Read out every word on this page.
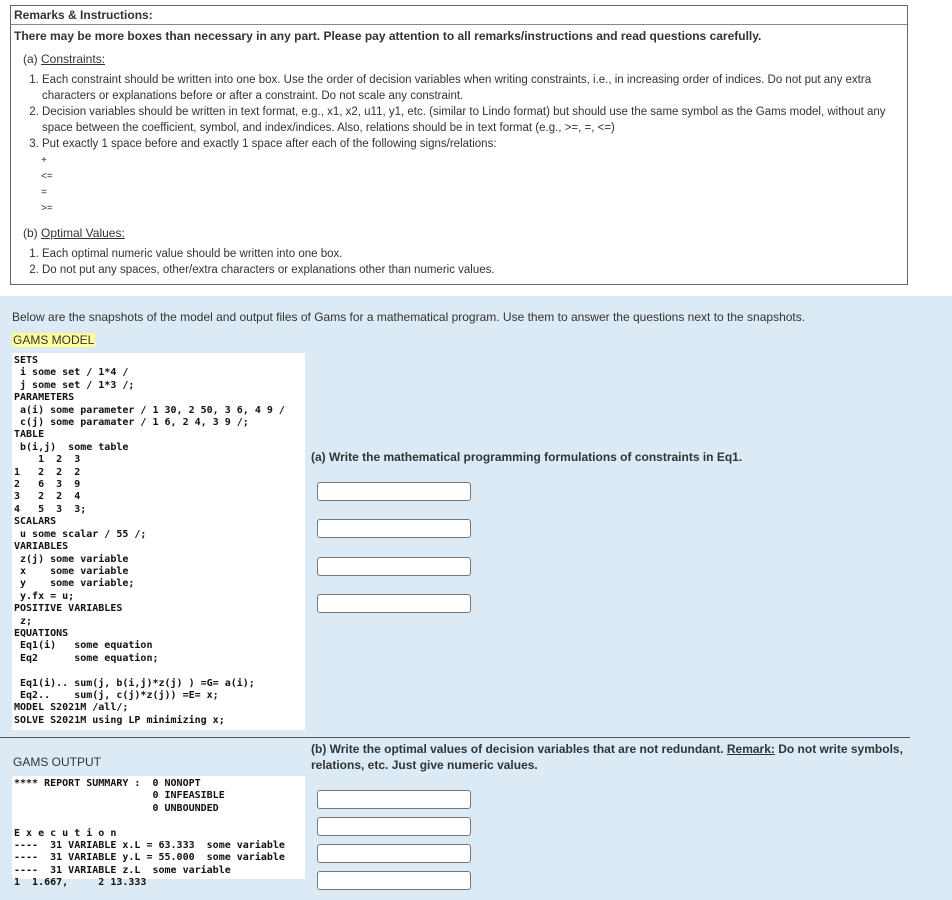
Remarks & Instructions:
There may be more boxes than necessary in any part. Please pay attention to all remarks/instructions and read questions carefully.
(a) Constraints:
1. Each constraint should be written into one box. Use the order of decision variables when writing constraints, i.e., in increasing order of indices. Do not put any extra characters or explanations before or after a constraint. Do not scale any constraint.
2. Decision variables should be written in text format, e.g., x1, x2, u11, y1, etc. (similar to Lindo format) but should use the same symbol as the Gams model, without any space between the coefficient, symbol, and index/indices. Also, relations should be in text format (e.g., >=, =, <=)
3. Put exactly 1 space before and exactly 1 space after each of the following signs/relations:
+
<=
=
>=
(b) Optimal Values:
1. Each optimal numeric value should be written into one box.
2. Do not put any spaces, other/extra characters or explanations other than numeric values.
Below are the snapshots of the model and output files of Gams for a mathematical program. Use them to answer the questions next to the snapshots.
GAMS MODEL
SETS
i some set / 1*4 /
j some set / 1*3 /;
PARAMETERS
a(i) some parameter / 1 30, 2 50, 3 6, 4 9 /
c(j) some paramater / 1 6, 2 4, 3 9 /;
TABLE
b(i,j)  some table
1  2  3
1   2  2  2
2   6  3  9
3   2  2  4
4   5  3  3;
SCALARS
u some scalar / 55 /;
VARIABLES
z(j) some variable
x    some variable
y    some variable;
y.fx = u;
POSITIVE VARIABLES
z;
EQUATIONS
Eq1(i)   some equation
Eq2      some equation;

Eq1(i).. sum(j, b(i,j)*z(j) ) =G= a(i);
Eq2..    sum(j, c(j)*z(j)) =E= x;
MODEL S2021M /all/;
SOLVE S2021M using LP minimizing x;
(a) Write the mathematical programming formulations of constraints in Eq1.
(b) Write the optimal values of decision variables that are not redundant. Remark: Do not write symbols, relations, etc. Just give numeric values.
GAMS OUTPUT
**** REPORT SUMMARY :  0 NONOPT
0 INFEASIBLE
0 UNBOUNDED

E x e c u t i o n
----  31 VARIABLE x.L = 63.333  some variable
----  31 VARIABLE y.L = 55.000  some variable
----  31 VARIABLE z.L  some variable
1  1.667,     2 13.333
